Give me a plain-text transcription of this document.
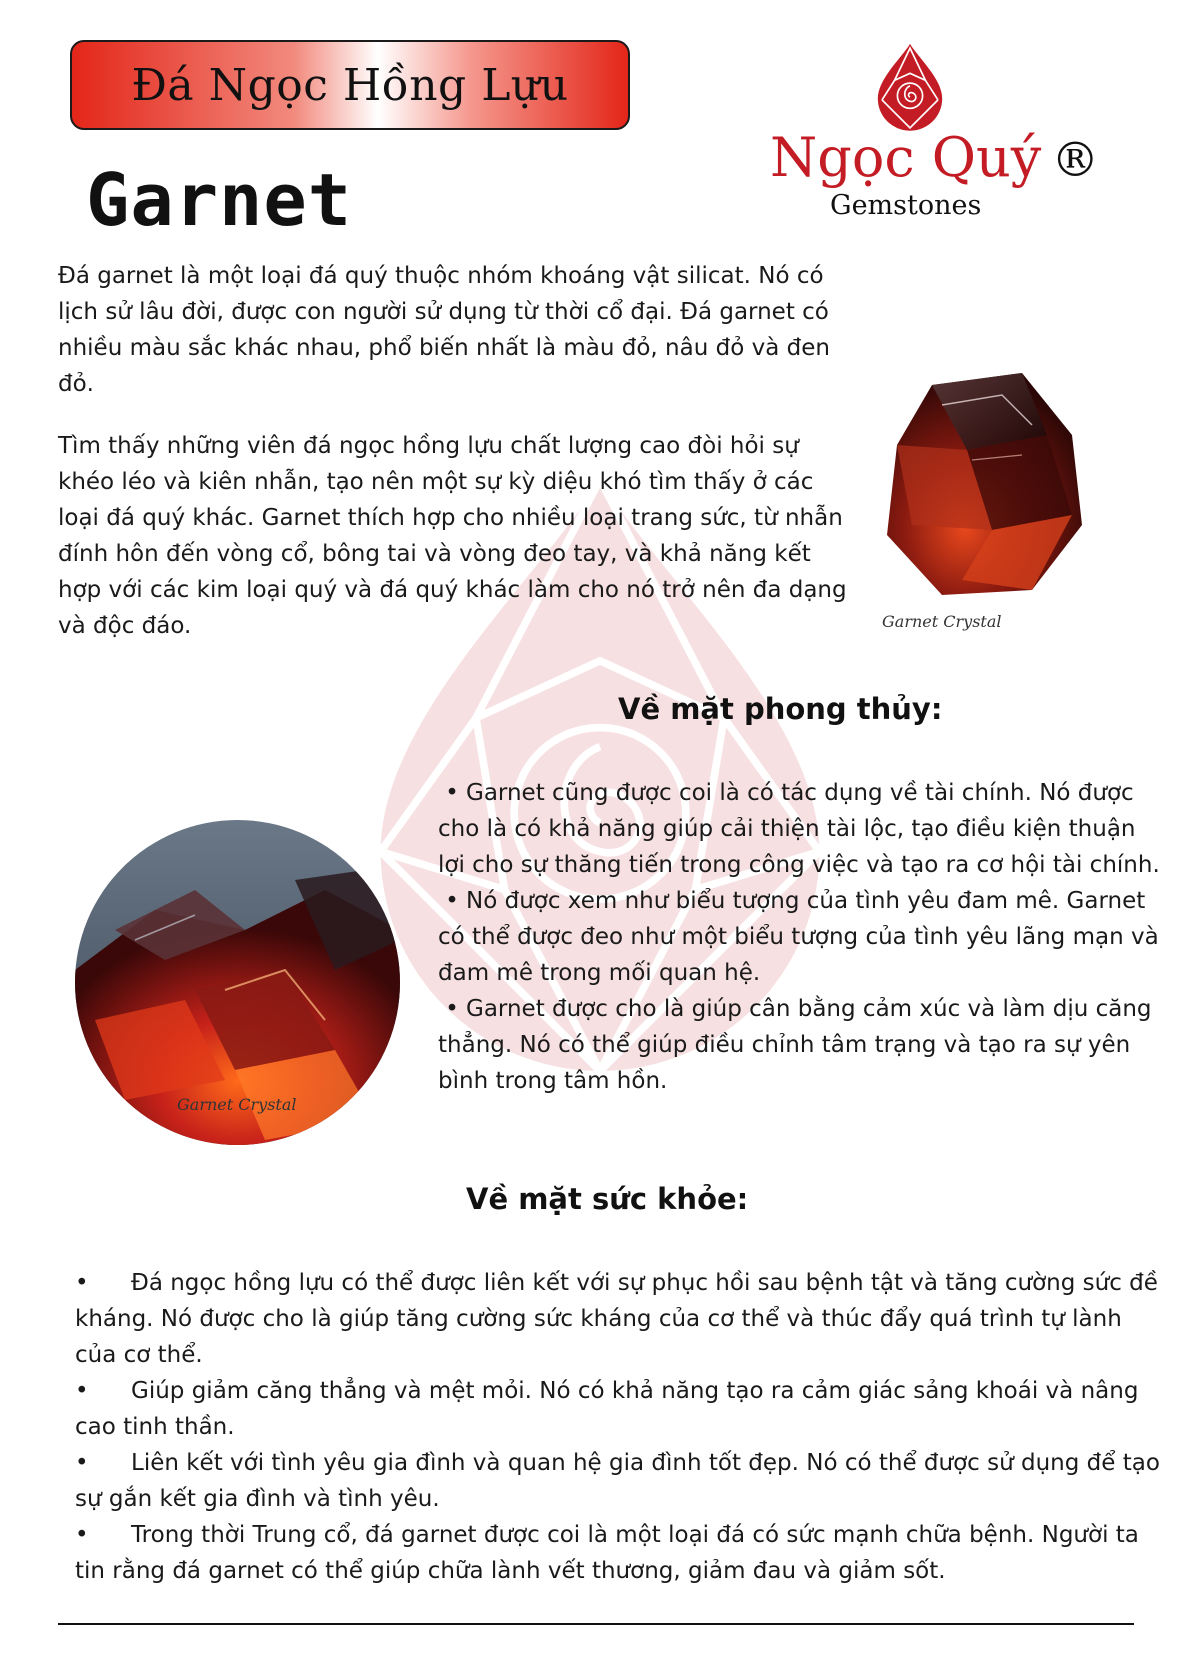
Đá Ngọc Hồng Lựu
Garnet
Ngọc Quý ®
Gemstones

Đá garnet là một loại đá quý thuộc nhóm khoáng vật silicat. Nó có lịch sử lâu đời, được con người sử dụng từ thời cổ đại. Đá garnet có nhiều màu sắc khác nhau, phổ biến nhất là màu đỏ, nâu đỏ và đen đỏ.

Tìm thấy những viên đá ngọc hồng lựu chất lượng cao đòi hỏi sự khéo léo và kiên nhẫn, tạo nên một sự kỳ diệu khó tìm thấy ở các loại đá quý khác. Garnet thích hợp cho nhiều loại trang sức, từ nhẫn đính hôn đến vòng cổ, bông tai và vòng đeo tay, và khả năng kết hợp với các kim loại quý và đá quý khác làm cho nó trở nên đa dạng và độc đáo.	Garnet Crystal
Về mặt phong thủy:
• Garnet cũng được coi là có tác dụng về tài chính. Nó được cho là có khả năng giúp cải thiện tài lộc, tạo điều kiện thuận lợi cho sự thăng tiến trong công việc và tạo ra cơ hội tài chính.
• Nó được xem như biểu tượng của tình yêu đam mê. Garnet có thể được đeo như một biểu tượng của tình yêu lãng mạn và đam mê trong mối quan hệ.
• Garnet được cho là giúp cân bằng cảm xúc và làm dịu căng thẳng. Nó có thể giúp điều chỉnh tâm trạng và tạo ra sự yên bình trong tâm hồn.
Garnet Crystal
Về mặt sức khỏe:
• Đá ngọc hồng lựu có thể được liên kết với sự phục hồi sau bệnh tật và tăng cường sức đề kháng. Nó được cho là giúp tăng cường sức kháng của cơ thể và thúc đẩy quá trình tự lành của cơ thể.
• Giúp giảm căng thẳng và mệt mỏi. Nó có khả năng tạo ra cảm giác sảng khoái và nâng cao tinh thần.
• Liên kết với tình yêu gia đình và quan hệ gia đình tốt đẹp. Nó có thể được sử dụng để tạo sự gắn kết gia đình và tình yêu.
• Trong thời Trung cổ, đá garnet được coi là một loại đá có sức mạnh chữa bệnh. Người ta tin rằng đá garnet có thể giúp chữa lành vết thương, giảm đau và giảm sốt.
